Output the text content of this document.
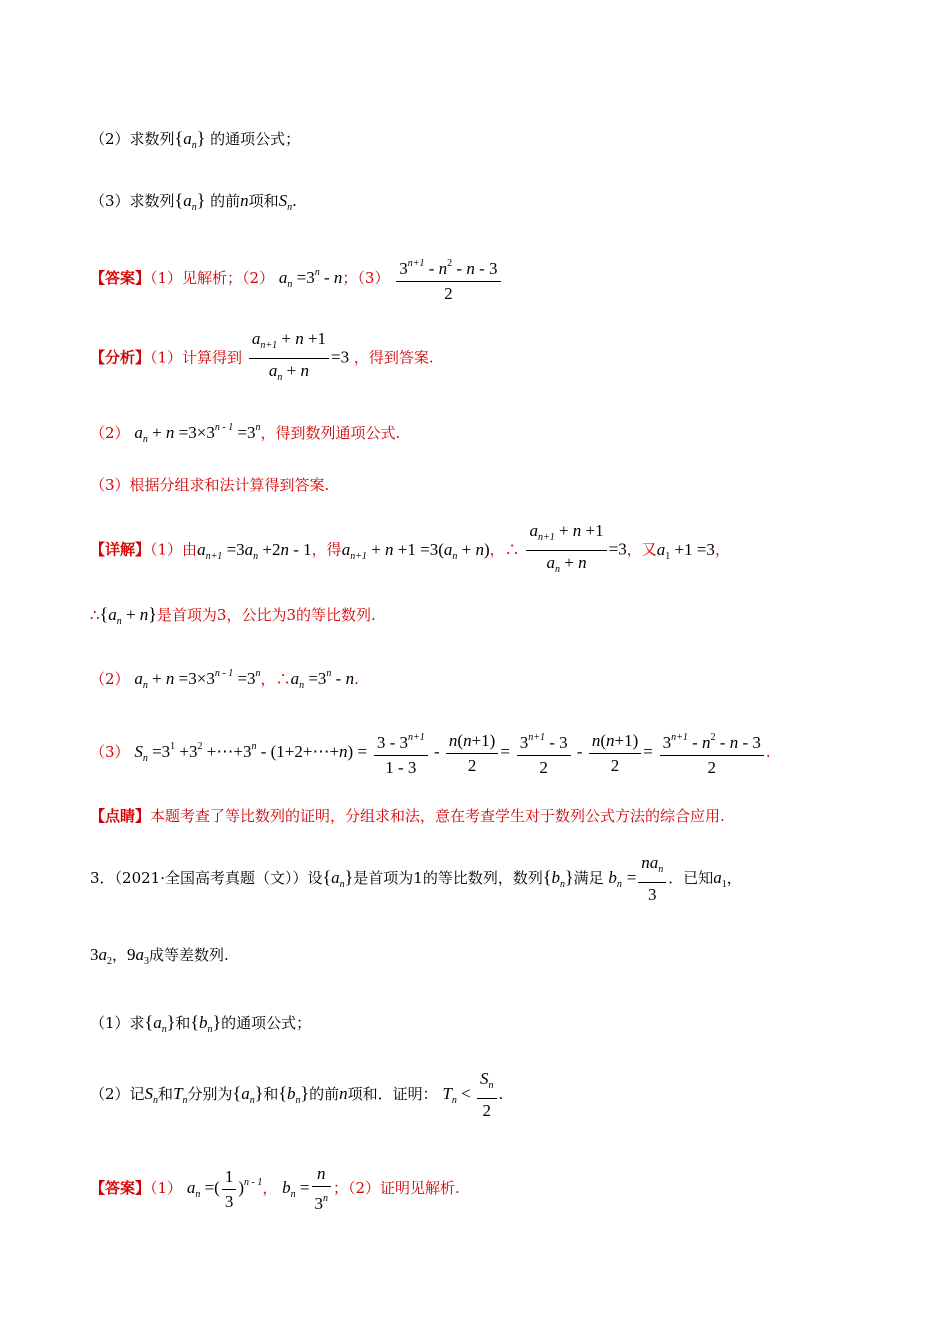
（2）求数列$\{a_n\}$ 的通项公式；
（3）求数列$\{a_n\}$ 的前n项和$S_n$.
【答案】（1）见解析；（2） $a_n =3^n - n$；$(3) \frac{3^{n+1} - n^2 - n - 3}{2}$
【分析】（1）计算得到 $\frac{a_{n+1} + n +1}{a_n + n} =3$ ，得到答案.
（2） $a_n + n =3\times 3^{n - 1} =3^n$，得到数列通项公式.
（3）根据分组求和法计算得到答案.
【详解】（1）由$a_{n+1} =3a_n +2n - 1$，得$a_{n+1} + n +1 =3(a_n + n)$，∴ $\frac{a_{n+1} + n +1}{a_n + n} =3$，又$a_1 +1 =3$，
$\therefore\{a_n + n\}$是首项为3，公比为3的等比数列.
（2） $a_n + n =3\times 3^{n - 1} =3^n$，$\therefore a_n =3^n - n$.
（3） $S_n =3^1 +3^2$ $+\cdots+3^n$ - (1+2+⋯+n) = $\frac{3 - 3^{n+1}}{1 - 3} - \frac{n(n+1)}{2} = \frac{3^{n+1} - 3}{2} - \frac{n(n+1)}{2} = \frac{3^{n+1} - n^2 - n - 3}{2}$ .
【点睛】本题考查了等比数列的证明，分组求和法，意在考查学生对于数列公式方法的综合应用.
3．（2021·全国高考真题（文））设$\{a_n\}$是首项为1的等比数列，数列$\{b_n\}$满足 $b_n = \frac{na_n}{3}$ ．已知$a_1$，
$3a_2$，$9a_3$成等差数列.
（1）求$\{a_n\}$和$\{b_n\}$的通项公式；
（2）记$S_n$和$T_n$分别为$\{a_n\}$和$\{b_n\}$的前n项和．证明： $T_n < \frac{S_n}{2}$ .
【答案】（1） $a_n$ =( $\frac{1}{3} )^{n - 1}$， $b_n = \frac{n}{3^n}$ ；（2）证明见解析.
